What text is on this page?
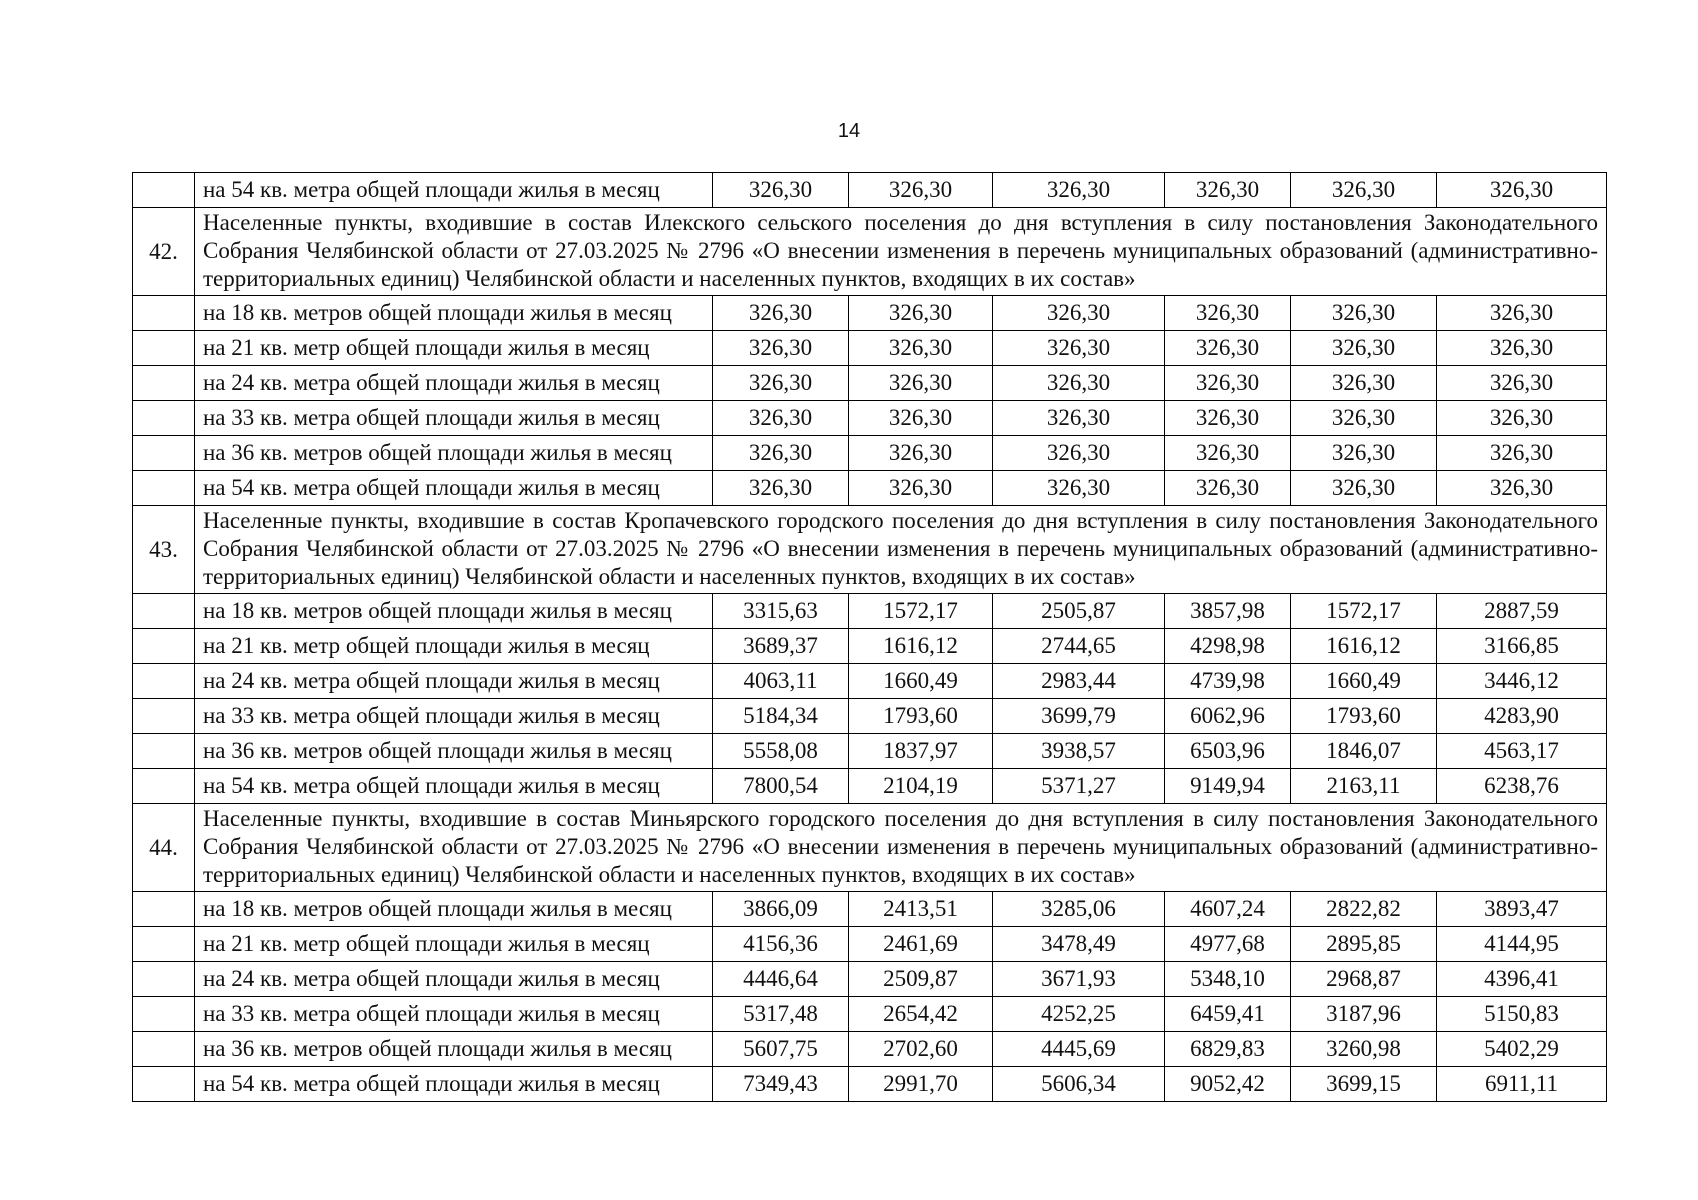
14
	на 54 кв. метра общей площади жилья в месяц	326,30	326,30	326,30	326,30	326,30	326,30
42.	Населенные пункты, входившие в состав Илекского сельского поселения до дня вступления в силу постановления Законодательного Собрания Челябинской области от 27.03.2025 № 2796 «О внесении изменения в перечень муниципальных образований (административно-территориальных единиц) Челябинской области и населенных пунктов, входящих в их состав»						
	на 18 кв. метров общей площади жилья в месяц	326,30	326,30	326,30	326,30	326,30	326,30
	на 21 кв. метр общей площади жилья в месяц	326,30	326,30	326,30	326,30	326,30	326,30
	на 24 кв. метра общей площади жилья в месяц	326,30	326,30	326,30	326,30	326,30	326,30
	на 33 кв. метра общей площади жилья в месяц	326,30	326,30	326,30	326,30	326,30	326,30
	на 36 кв. метров общей площади жилья в месяц	326,30	326,30	326,30	326,30	326,30	326,30
	на 54 кв. метра общей площади жилья в месяц	326,30	326,30	326,30	326,30	326,30	326,30
43.	Населенные пункты, входившие в состав Кропачевского городского поселения до дня вступления в силу постановления Законодательного Собрания Челябинской области от 27.03.2025 № 2796 «О внесении изменения в перечень муниципальных образований (административно-территориальных единиц) Челябинской области и населенных пунктов, входящих в их состав»						
	на 18 кв. метров общей площади жилья в месяц	3315,63	1572,17	2505,87	3857,98	1572,17	2887,59
	на 21 кв. метр общей площади жилья в месяц	3689,37	1616,12	2744,65	4298,98	1616,12	3166,85
	на 24 кв. метра общей площади жилья в месяц	4063,11	1660,49	2983,44	4739,98	1660,49	3446,12
	на 33 кв. метра общей площади жилья в месяц	5184,34	1793,60	3699,79	6062,96	1793,60	4283,90
	на 36 кв. метров общей площади жилья в месяц	5558,08	1837,97	3938,57	6503,96	1846,07	4563,17
	на 54 кв. метра общей площади жилья в месяц	7800,54	2104,19	5371,27	9149,94	2163,11	6238,76
44.	Населенные пункты, входившие в состав Миньярского городского поселения до дня вступления в силу постановления Законодательного Собрания Челябинской области от 27.03.2025 № 2796 «О внесении изменения в перечень муниципальных образований (административно-территориальных единиц) Челябинской области и населенных пунктов, входящих в их состав»						
	на 18 кв. метров общей площади жилья в месяц	3866,09	2413,51	3285,06	4607,24	2822,82	3893,47
	на 21 кв. метр общей площади жилья в месяц	4156,36	2461,69	3478,49	4977,68	2895,85	4144,95
	на 24 кв. метра общей площади жилья в месяц	4446,64	2509,87	3671,93	5348,10	2968,87	4396,41
	на 33 кв. метра общей площади жилья в месяц	5317,48	2654,42	4252,25	6459,41	3187,96	5150,83
	на 36 кв. метров общей площади жилья в месяц	5607,75	2702,60	4445,69	6829,83	3260,98	5402,29
	на 54 кв. метра общей площади жилья в месяц	7349,43	2991,70	5606,34	9052,42	3699,15	6911,11
